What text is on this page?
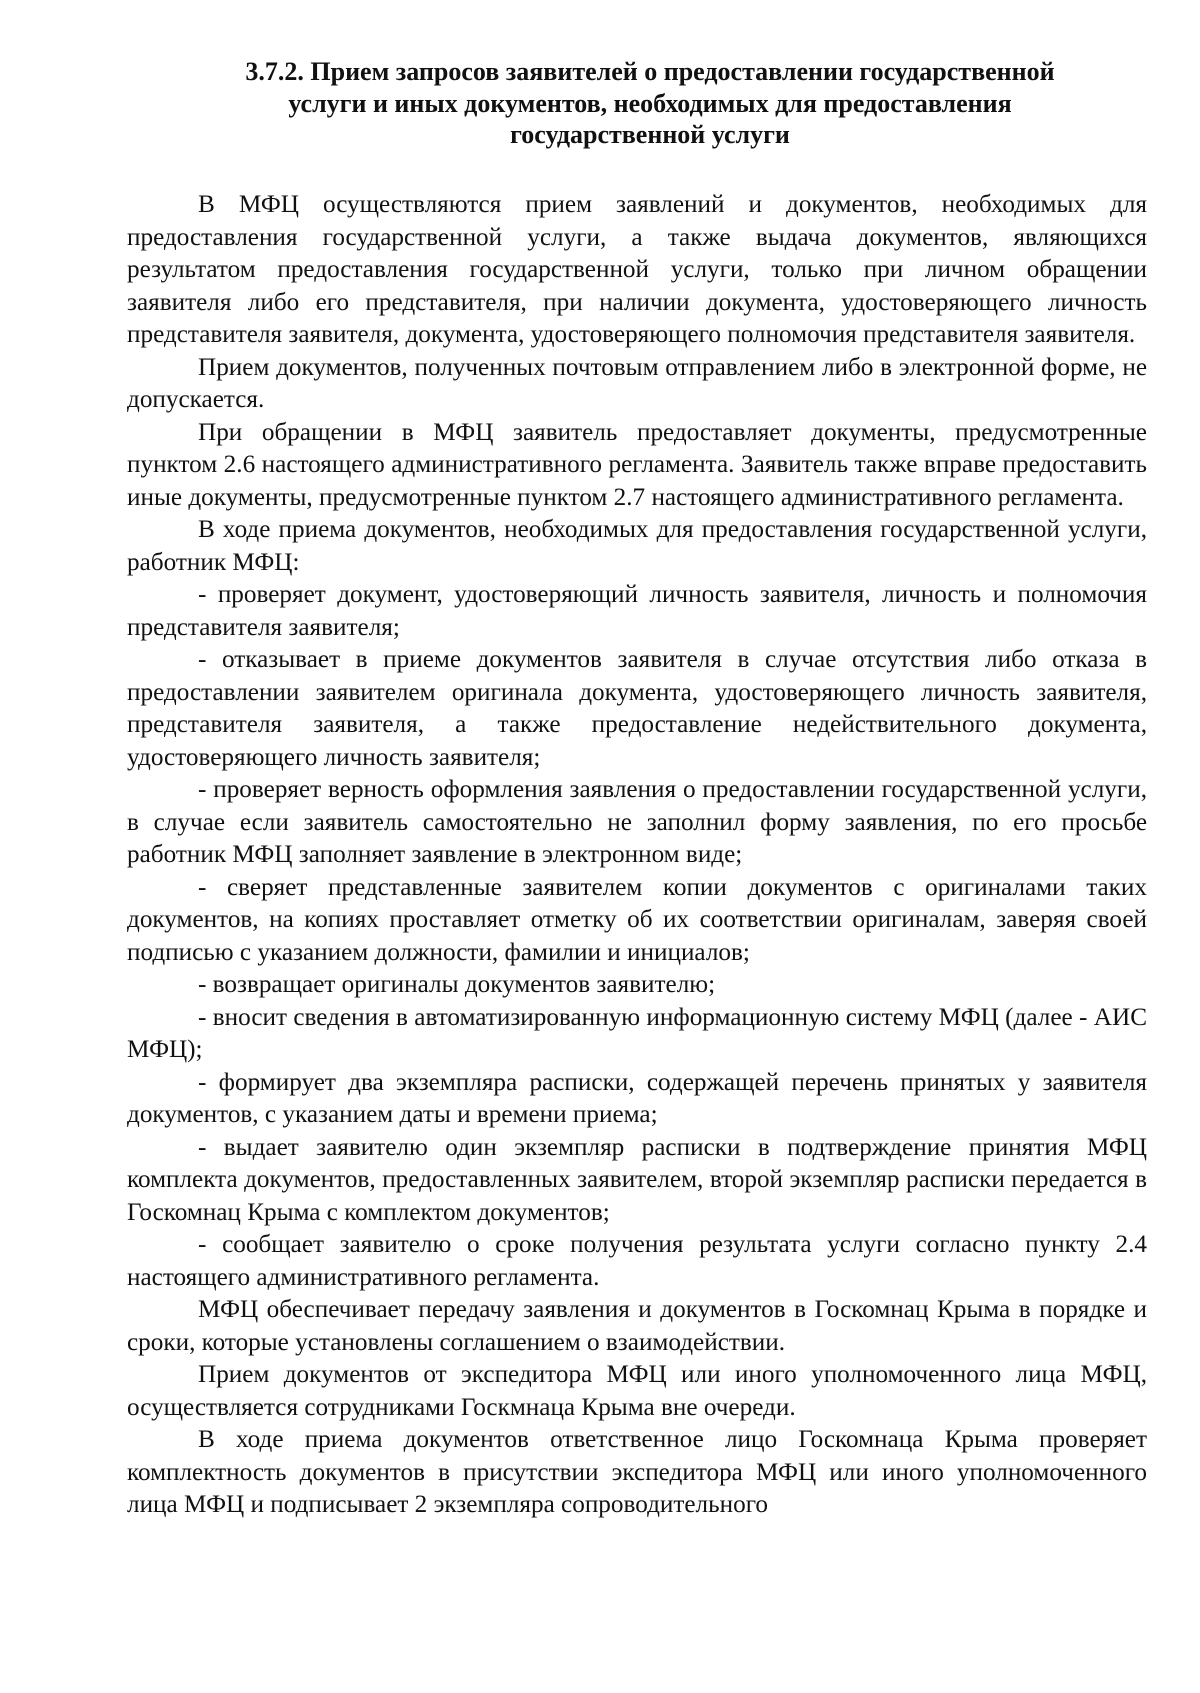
3.7.2. Прием запросов заявителей о предоставлении государственной
услуги и иных документов, необходимых для предоставления
государственной услуги

В МФЦ осуществляются прием заявлений и документов, необходимых для предоставления государственной услуги, а также выдача документов, являющихся результатом предоставления государственной услуги, только при личном обращении заявителя либо его представителя, при наличии документа, удостоверяющего личность представителя заявителя, документа, удостоверяющего полномочия представителя заявителя.

Прием документов, полученных почтовым отправлением либо в электронной форме, не допускается.

При обращении в МФЦ заявитель предоставляет документы, предусмотренные пунктом 2.6 настоящего административного регламента. Заявитель также вправе предоставить иные документы, предусмотренные пунктом 2.7 настоящего административного регламента.

В ходе приема документов, необходимых для предоставления государственной услуги, работник МФЦ:

- проверяет документ, удостоверяющий личность заявителя, личность и полномочия представителя заявителя;

- отказывает в приеме документов заявителя в случае отсутствия либо отказа в предоставлении заявителем оригинала документа, удостоверяющего личность заявителя, представителя заявителя, а также предоставление недействительного документа, удостоверяющего личность заявителя;

- проверяет верность оформления заявления о предоставлении государственной услуги, в случае если заявитель самостоятельно не заполнил форму заявления, по его просьбе работник МФЦ заполняет заявление в электронном виде;

- сверяет представленные заявителем копии документов с оригиналами таких документов, на копиях проставляет отметку об их соответствии оригиналам, заверяя своей подписью с указанием должности, фамилии и инициалов;

- возвращает оригиналы документов заявителю;

- вносит сведения в автоматизированную информационную систему МФЦ (далее - АИС МФЦ);

- формирует два экземпляра расписки, содержащей перечень принятых у заявителя документов, с указанием даты и времени приема;

- выдает заявителю один экземпляр расписки в подтверждение принятия МФЦ комплекта документов, предоставленных заявителем, второй экземпляр расписки передается в Госкомнац Крыма с комплектом документов;

- сообщает заявителю о сроке получения результата услуги согласно пункту 2.4 настоящего административного регламента.

МФЦ обеспечивает передачу заявления и документов в Госкомнац Крыма в порядке и сроки, которые установлены соглашением о взаимодействии.

Прием документов от экспедитора МФЦ или иного уполномоченного лица МФЦ, осуществляется сотрудниками Госкмнаца Крыма вне очереди.

В ходе приема документов ответственное лицо Госкомнаца Крыма проверяет комплектность документов в присутствии экспедитора МФЦ или иного уполномоченного лица МФЦ и подписывает 2 экземпляра сопроводительного
